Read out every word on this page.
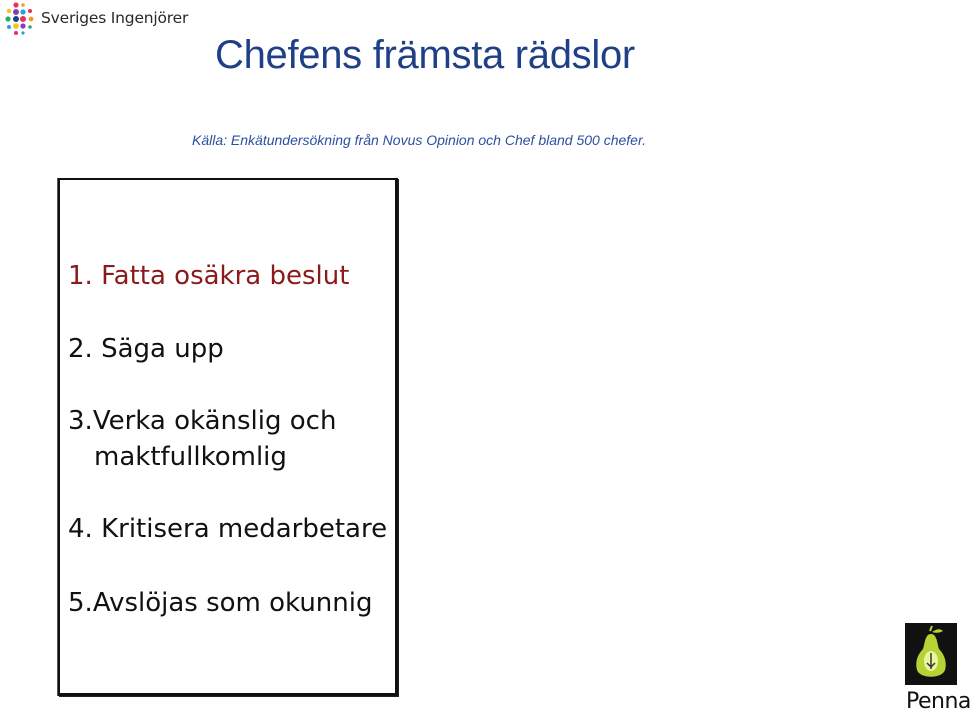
Sveriges Ingenjörer
Chefens främsta rädslor

Källa: Enkätundersökning från Novus Opinion och Chef bland 500 chefer.

1. Fatta osäkra beslut
2. Säga upp
3.Verka okänslig och
maktfullkomlig
4. Kritisera medarbetare
5.Avslöjas som okunnig
Penna
